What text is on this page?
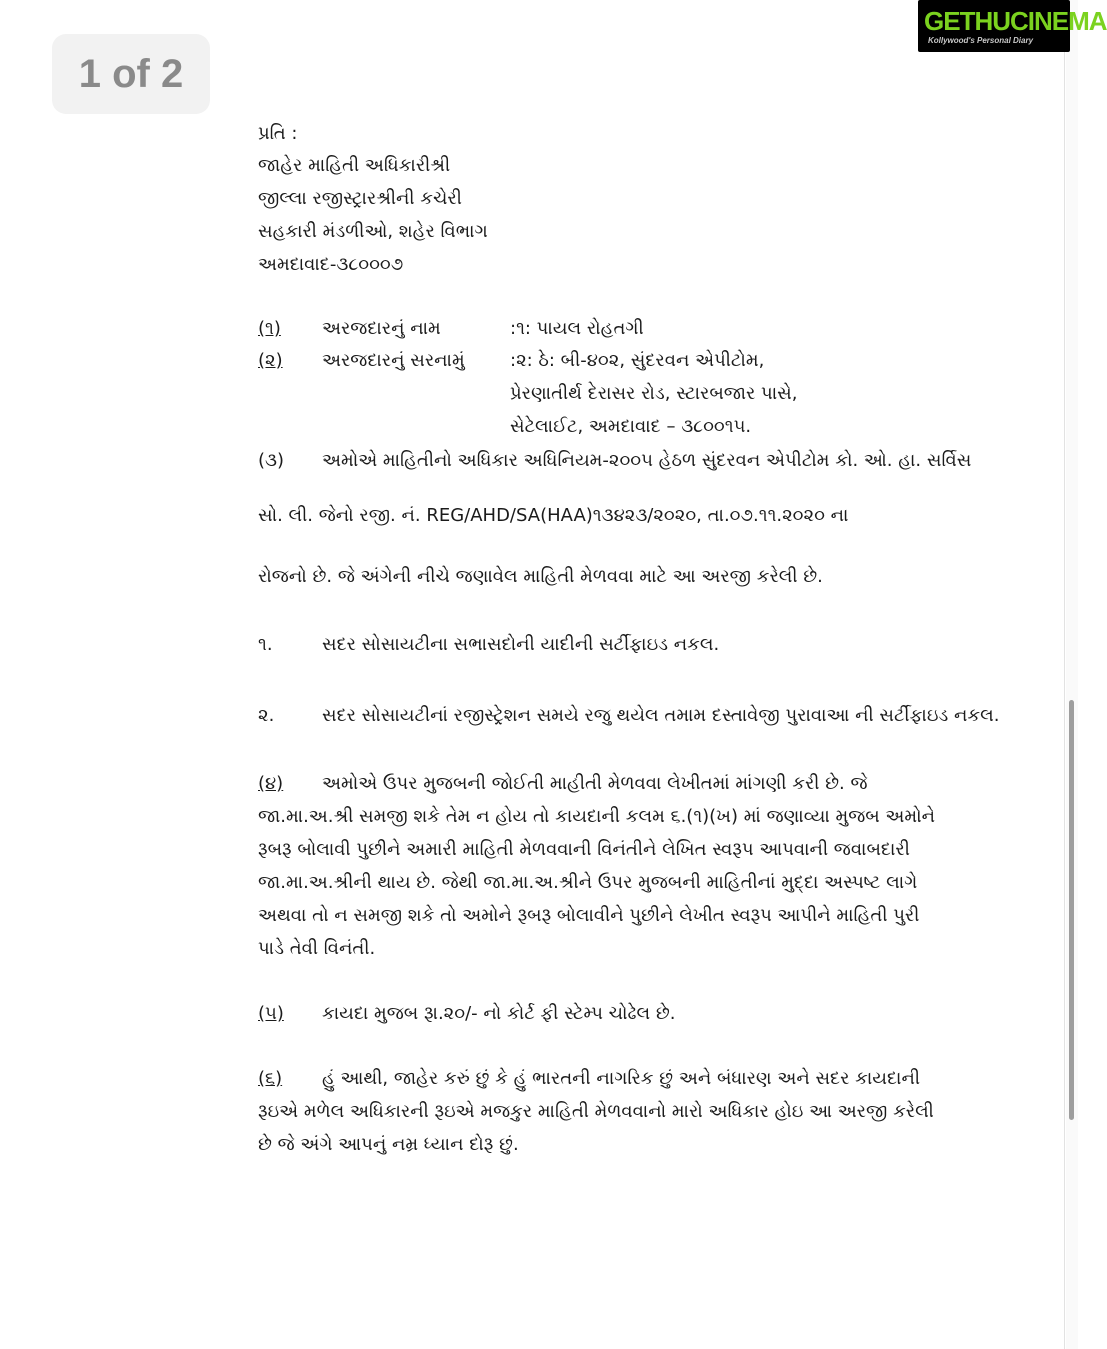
1 of 2
GETHUCINEMA
Kollywood's Personal Diary
પ્રતિ :
જાહેર માહિતી અધિકારીશ્રી
જીલ્લા રજીસ્ટ્રારશ્રીની કચેરી
સહકારી મંડળીઓ, શહેર વિભાગ
અમદાવાદ-૩૮૦૦૦૭
(૧) અરજદારનું નામ	:૧: પાયલ રોહતગી
(૨) અરજદારનું સરનામું	:૨: ઠે: બી-૪૦૨, સુંદરવન એપીટોમ,
પ્રેરણાતીર્થ દેરાસર રોડ, સ્ટારબજાર પાસે,
સેટેલાઈટ, અમદાવાદ – ૩૮૦૦૧૫.
(૩) અમોએ માહિતીનો અધિકાર અધિનિયમ-૨૦૦૫ હેઠળ સુંદરવન એપીટોમ કો. ઓ. હા. સર્વિસ
સો. લી. જેનો રજી. નં. REG/AHD/SA(HAA)૧૩૪૨૩/૨૦૨૦, તા.૦૭.૧૧.૨૦૨૦ ના
રોજનો છે. જે અંગેની નીચે જણાવેલ માહિતી મેળવવા માટે આ અરજી કરેલી છે.
૧.	સદર સોસાયટીના સભાસદોની યાદીની સર્ટીફાઇડ નકલ.
૨.	સદર સોસાયટીનાં રજીસ્ટ્રેશન સમયે રજુ થયેલ તમામ દસ્તાવેજી પુરાવાઆ ની સર્ટીફાઇડ નકલ.
(૪) અમોએ ઉપર મુજબની જોઈતી માહીતી મેળવવા લેખીતમાં માંગણી કરી છે. જે
જા.મા.અ.શ્રી સમજી શકે તેમ ન હોય તો કાયદાની કલમ ૬.(૧)(ખ) માં જણાવ્યા મુજબ અમોને
રૂબરૂ બોલાવી પુછીને અમારી માહિતી મેળવવાની વિનંતીને લેખિત સ્વરૂપ આપવાની જવાબદારી
જા.મા.અ.શ્રીની થાય છે. જેથી જા.મા.અ.શ્રીને ઉપર મુજબની માહિતીનાં મુદ્દા અસ્પષ્ટ લાગે
અથવા તો ન સમજી શકે તો અમોને રૂબરૂ બોલાવીને પુછીને લેખીત સ્વરૂપ આપીને માહિતી પુરી
પાડે તેવી વિનંતી.
(૫) કાયદા મુજબ રૂા.૨૦/- નો કોર્ટ ફી સ્ટેમ્પ ચોઢેલ છે.
(૬) હું આથી, જાહેર કરું છું કે હું ભારતની નાગરિક છું અને બંધારણ અને સદર કાયદાની
રૂઇએ મળેલ અધિકારની રૂઇએ મજકુર માહિતી મેળવવાનો મારો અધિકાર હોઇ આ અરજી કરેલી
છે જે અંગે આપનું નમ્ર ધ્યાન દોરૂ છું.
